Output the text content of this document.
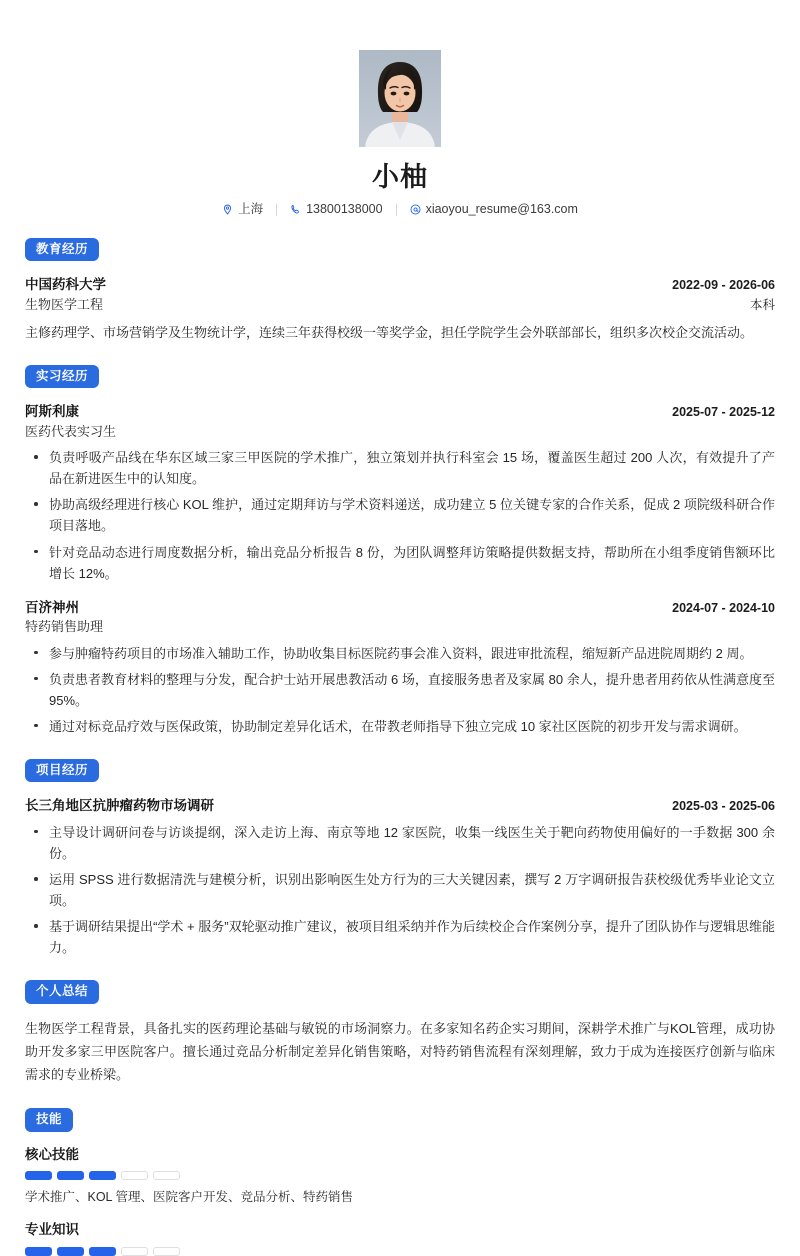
小柚
上海	13800138000	xiaoyou_resume@163.com
教育经历
中国药科大学	2022-09 - 2026-06
生物医学工程	本科
主修药理学、市场营销学及生物统计学，连续三年获得校级一等奖学金，担任学院学生会外联部部长，组织多次校企交流活动。
实习经历
阿斯利康	2025-07 - 2025-12
医药代表实习生
负责呼吸产品线在华东区域三家三甲医院的学术推广，独立策划并执行科室会 15 场，覆盖医生超过 200 人次，有效提升了产品在新进医生中的认知度。
协助高级经理进行核心 KOL 维护，通过定期拜访与学术资料递送，成功建立 5 位关键专家的合作关系，促成 2 项院级科研合作项目落地。
针对竞品动态进行周度数据分析，输出竞品分析报告 8 份，为团队调整拜访策略提供数据支持，帮助所在小组季度销售额环比增长 12%。
百济神州	2024-07 - 2024-10
特药销售助理
参与肿瘤特药项目的市场准入辅助工作，协助收集目标医院药事会准入资料，跟进审批流程，缩短新产品进院周期约 2 周。
负责患者教育材料的整理与分发，配合护士站开展患教活动 6 场，直接服务患者及家属 80 余人，提升患者用药依从性满意度至 95%。
通过对标竞品疗效与医保政策，协助制定差异化话术，在带教老师指导下独立完成 10 家社区医院的初步开发与需求调研。
项目经历
长三角地区抗肿瘤药物市场调研	2025-03 - 2025-06
主导设计调研问卷与访谈提纲，深入走访上海、南京等地 12 家医院，收集一线医生关于靶向药物使用偏好的一手数据 300 余份。
运用 SPSS 进行数据清洗与建模分析，识别出影响医生处方行为的三大关键因素，撰写 2 万字调研报告获校级优秀毕业论文立项。
基于调研结果提出“学术 + 服务”双轮驱动推广建议，被项目组采纳并作为后续校企合作案例分享，提升了团队协作与逻辑思维能力。
个人总结
生物医学工程背景，具备扎实的医药理论基础与敏锐的市场洞察力。在多家知名药企实习期间，深耕学术推广与KOL管理，成功协助开发多家三甲医院客户。擅长通过竞品分析制定差异化销售策略，对特药销售流程有深刻理解，致力于成为连接医疗创新与临床需求的专业桥梁。
技能
核心技能
学术推广、KOL 管理、医院客户开发、竞品分析、特药销售
专业知识
